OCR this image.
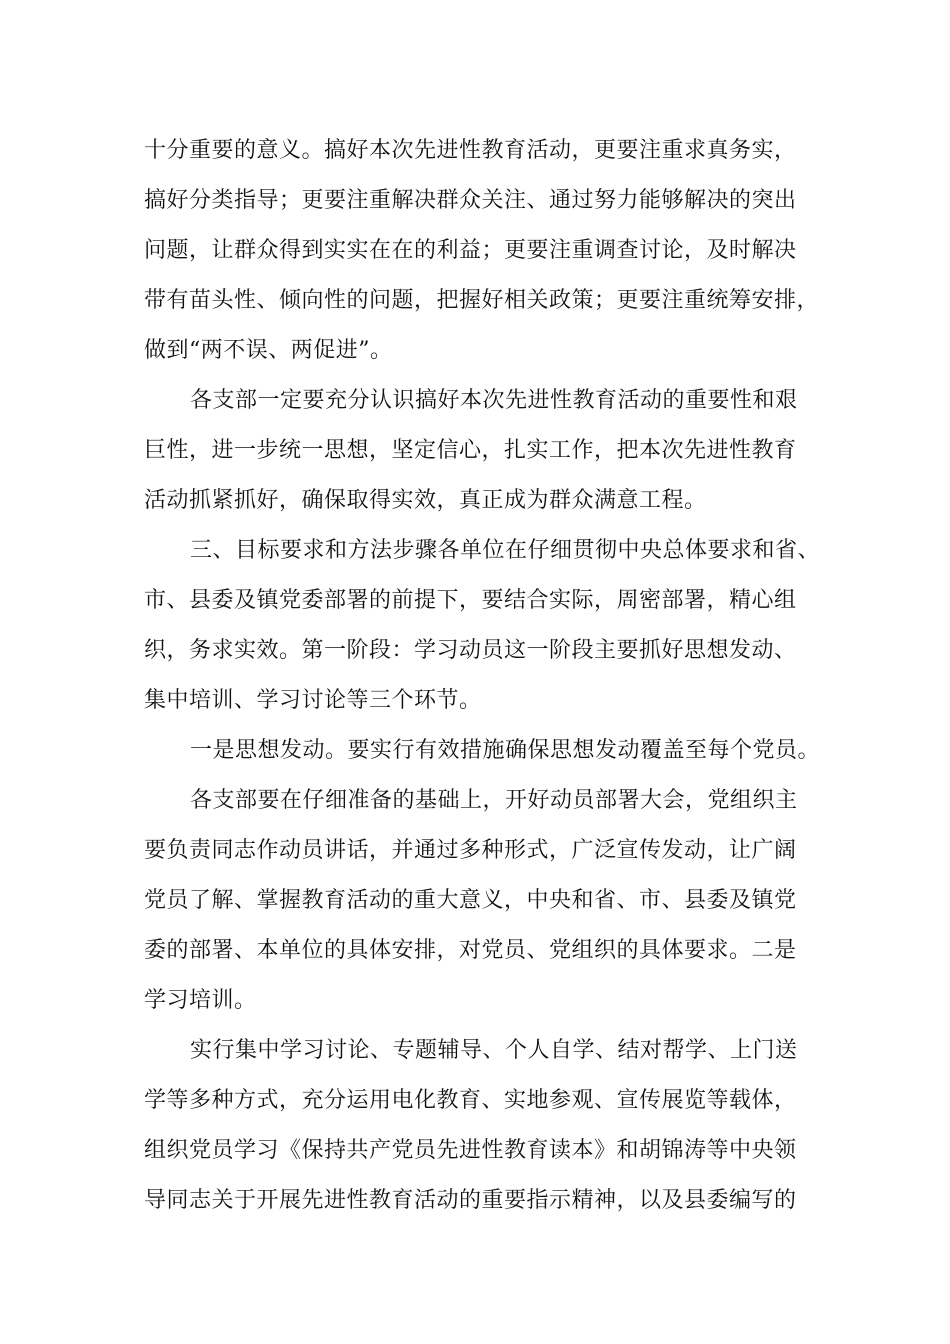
十分重要的意义。搞好本次先进性教育活动，更要注重求真务实，

搞好分类指导；更要注重解决群众关注、通过努力能够解决的突出

问题，让群众得到实实在在的利益；更要注重调查讨论，及时解决

带有苗头性、倾向性的问题，把握好相关政策；更要注重统筹安排，

做到“两不误、两促进”。

各支部一定要充分认识搞好本次先进性教育活动的重要性和艰

巨性，进一步统一思想，坚定信心，扎实工作，把本次先进性教育

活动抓紧抓好，确保取得实效，真正成为群众满意工程。

三、目标要求和方法步骤各单位在仔细贯彻中央总体要求和省、

市、县委及镇党委部署的前提下，要结合实际，周密部署，精心组

织，务求实效。第一阶段：学习动员这一阶段主要抓好思想发动、

集中培训、学习讨论等三个环节。

一是思想发动。要实行有效措施确保思想发动覆盖至每个党员。

各支部要在仔细准备的基础上，开好动员部署大会，党组织主

要负责同志作动员讲话，并通过多种形式，广泛宣传发动，让广阔

党员了解、掌握教育活动的重大意义，中央和省、市、县委及镇党

委的部署、本单位的具体安排，对党员、党组织的具体要求。二是

学习培训。

实行集中学习讨论、专题辅导、个人自学、结对帮学、上门送

学等多种方式，充分运用电化教育、实地参观、宣传展览等载体，

组织党员学习《保持共产党员先进性教育读本》和胡锦涛等中央领

导同志关于开展先进性教育活动的重要指示精神，以及县委编写的
